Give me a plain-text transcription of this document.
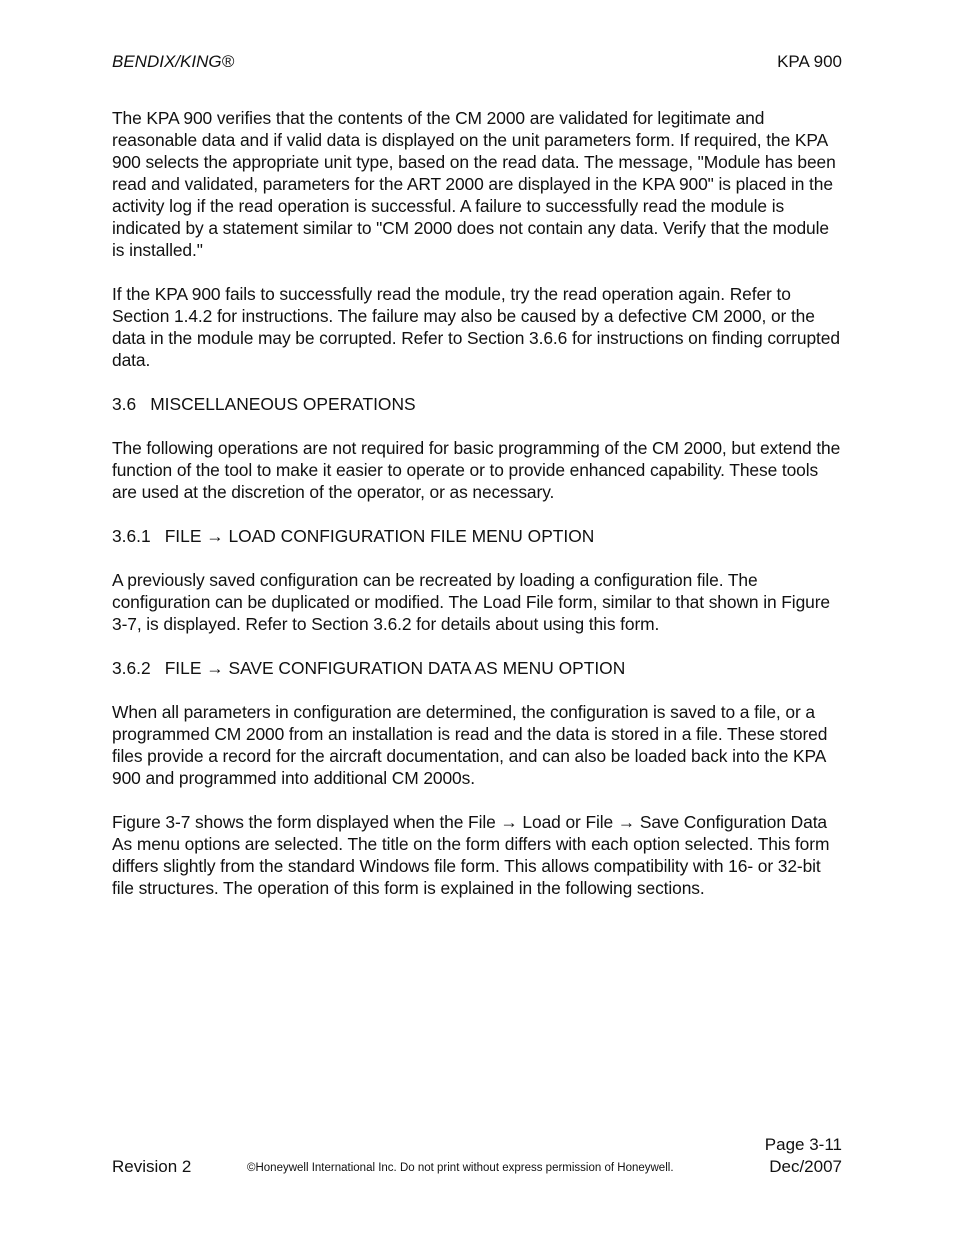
BENDIX/KING®	KPA 900

The KPA 900 verifies that the contents of the CM 2000 are validated for legitimate and reasonable data and if valid data is displayed on the unit parameters form. If required, the KPA 900 selects the appropriate unit type, based on the read data. The message, "Module has been read and validated, parameters for the ART 2000 are displayed in the KPA 900" is placed in the activity log if the read operation is successful. A failure to successfully read the module is indicated by a statement similar to "CM 2000 does not contain any data. Verify that the module is installed."

If the KPA 900 fails to successfully read the module, try the read operation again. Refer to Section 1.4.2 for instructions. The failure may also be caused by a defective CM 2000, or the data in the module may be corrupted. Refer to Section 3.6.6 for instructions on finding corrupted data.

3.6 MISCELLANEOUS OPERATIONS

The following operations are not required for basic programming of the CM 2000, but extend the function of the tool to make it easier to operate or to provide enhanced capability. These tools are used at the discretion of the operator, or as necessary.

3.6.1 FILE → LOAD CONFIGURATION FILE MENU OPTION

A previously saved configuration can be recreated by loading a configuration file. The configuration can be duplicated or modified. The Load File form, similar to that shown in Figure 3-7, is displayed. Refer to Section 3.6.2 for details about using this form.

3.6.2 FILE → SAVE CONFIGURATION DATA AS MENU OPTION

When all parameters in configuration are determined, the configuration is saved to a file, or a programmed CM 2000 from an installation is read and the data is stored in a file. These stored files provide a record for the aircraft documentation, and can also be loaded back into the KPA 900 and programmed into additional CM 2000s.

Figure 3-7 shows the form displayed when the File → Load or File → Save Configuration Data As menu options are selected. The title on the form differs with each option selected. This form differs slightly from the standard Windows file form. This allows compatibility with 16- or 32-bit file structures. The operation of this form is explained in the following sections.

Revision 2	©Honeywell International Inc. Do not print without express permission of Honeywell.
Page 3-11
Dec/2007
